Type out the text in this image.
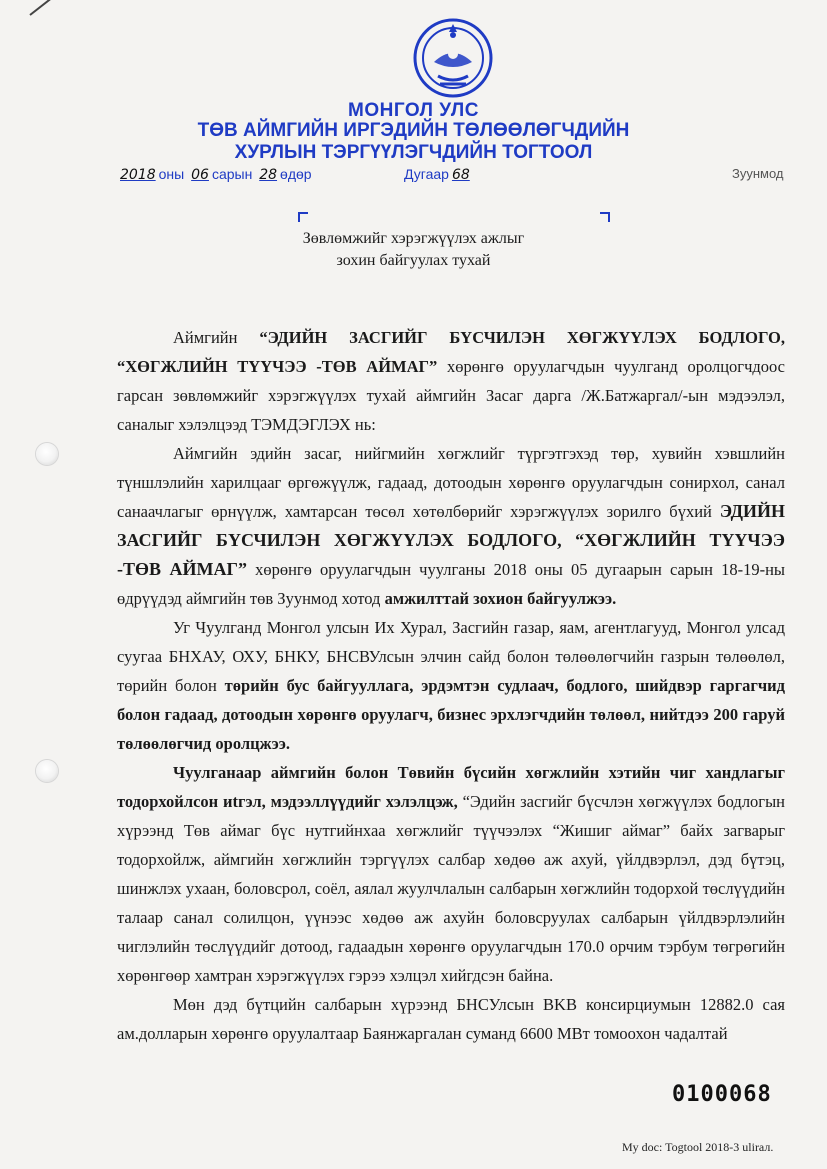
МОНГОЛ УЛС
ТӨВ АЙМГИЙН ИРГЭДИЙН ТӨЛӨӨЛӨГЧДИЙН
ХУРЛЫН ТЭРГҮҮЛЭГЧДИЙН ТОГТООЛ
2018 оны 06 сарын 28 өдөр	Дугаар 68	Зуунмод
Зөвлөмжийг хэрэгжүүлэх ажлыг
зохин байгуулах тухай

Аймгийн “ЭДИЙН ЗАСГИЙГ БҮСЧИЛЭН ХӨГЖҮҮЛЭХ БОДЛОГО, “ХӨГЖЛИЙН ТҮҮЧЭЭ -ТӨВ АЙМАГ” хөрөнгө оруулагчдын чуулганд оролцогчдоос гарсан зөвлөмжийг хэрэгжүүлэх тухай аймгийн Засаг дарга /Ж.Батжаргал/-ын мэдээлэл, саналыг хэлэлцээд ТЭМДЭГЛЭХ нь:

Аймгийн эдийн засаг, нийгмийн хөгжлийг түргэтгэхэд төр, хувийн хэвшлийн түншлэлийн харилцааг өргөжүүлж, гадаад, дотоодын хөрөнгө оруулагчдын сонирхол, санал санаачлагыг өрнүүлж, хамтарсан төсөл хөтөлбөрийг хэрэгжүүлэх зорилго бүхий ЭДИЙН ЗАСГИЙГ БҮСЧИЛЭН ХӨГЖҮҮЛЭХ БОДЛОГО, “ХӨГЖЛИЙН ТҮҮЧЭЭ -ТӨВ АЙМАГ” хөрөнгө оруулагчдын чуулганы 2018 оны 05 дугаарын сарын 18-19-ны өдрүүдэд аймгийн төв Зуунмод хотод амжилттай зохион байгуулжээ.

Уг Чуулганд Монгол улсын Их Хурал, Засгийн газар, яам, агентлагууд, Монгол улсад суугаа БНХАУ, ОХУ, БНКУ, БНСВУлсын элчин сайд болон төлөөлөгчийн газрын төлөөлөл, төрийн болон төрийн бус байгууллага, эрдэмтэн судлаач, бодлого, шийдвэр гаргагчид болон гадаад, дотоодын хөрөнгө оруулагч, бизнес эрхлэгчдийн төлөөл, нийтдээ 200 гаруй төлөөлөгчид оролцжээ.

Чуулганаар аймгийн болон Төвийн бүсийн хөгжлийн хэтийн чиг хандлагыг тодорхойлсон иtгэл, мэдээллүүдийг хэлэлцэж, “Эдийн засгийг бүсчлэн хөгжүүлэх бодлогын хүрээнд Төв аймаг бүс нутгийнхаа хөгжлийг түүчээлэх “Жишиг аймаг” байх загварыг тодорхойлж, аймгийн хөгжлийн тэргүүлэх салбар хөдөө аж ахуй, үйлдвэрлэл, дэд бүтэц, шинжлэх ухаан, боловсрол, соёл, аялал жуулчлалын салбарын хөгжлийн тодорхой төслүүдийн талаар санал солилцон, үүнээс хөдөө аж ахуйн боловсруулах салбарын үйлдвэрлэлийн чиглэлийн төслүүдийг дотоод, гадаадын хөрөнгө оруулагчдын 170.0 орчим тэрбум төгрөгийн хөрөнгөөр хамтран хэрэгжүүлэх гэрээ хэлцэл хийгдсэн байна.

Мөн дэд бүтцийн салбарын хүрээнд БНСУлсын BKB консирциумын 12882.0 сая ам.долларын хөрөнгө оруулалтаар Баянжаргалан суманд 6600 МВт томоохон чадалтай

0100068
My doc: Togtool 2018-3 ulirал.
